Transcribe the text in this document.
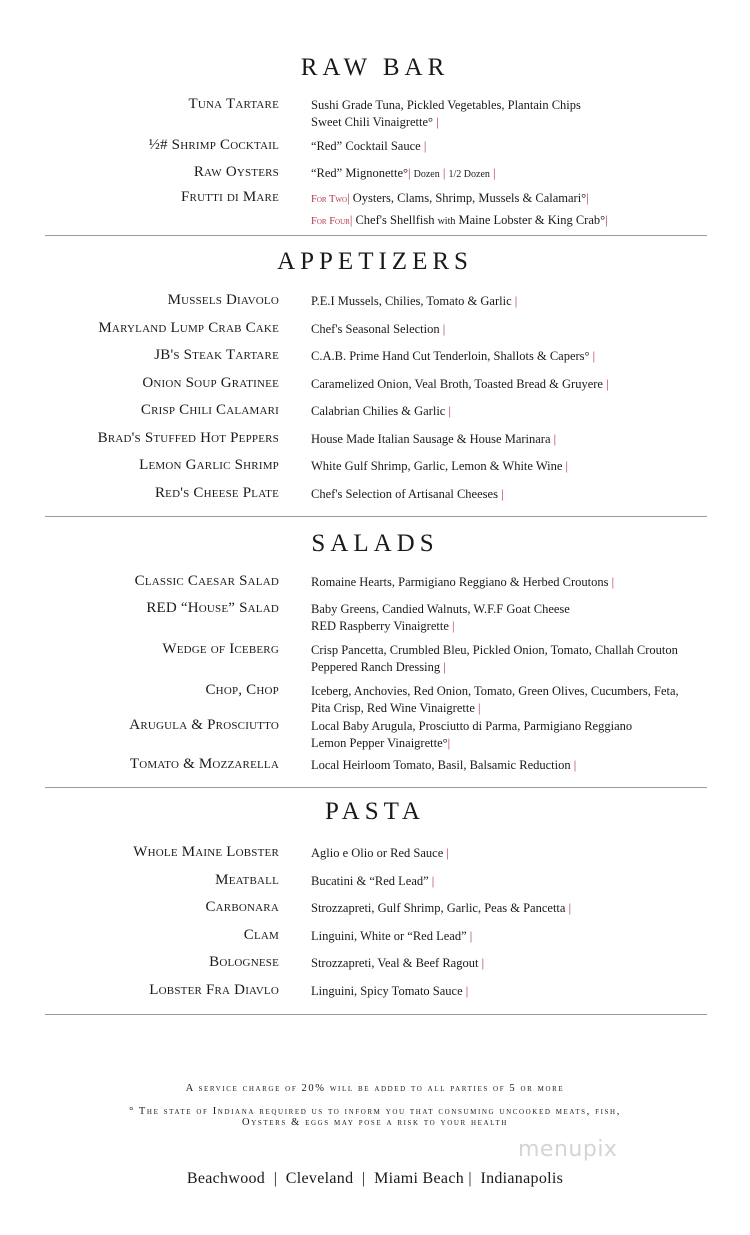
RAW BAR
Tuna Tartare	Sushi Grade Tuna, Pickled Vegetables, Plantain Chips
Sweet Chili Vinaigrette° |
½# Shrimp Cocktail	“Red” Cocktail Sauce |
Raw Oysters	“Red” Mignonette°| Dozen | 1/2 Dozen |
Frutti di Mare	For Two| Oysters, Clams, Shrimp, Mussels & Calamari°|
For Four| Chef's Shellfish with Maine Lobster & King Crab°|
APPETIZERS
Mussels Diavolo	P.E.I Mussels, Chilies, Tomato & Garlic |
Maryland Lump Crab Cake	Chef's Seasonal Selection |
JB's Steak Tartare	C.A.B. Prime Hand Cut Tenderloin, Shallots & Capers° |
Onion Soup Gratinee	Caramelized Onion, Veal Broth, Toasted Bread & Gruyere |
Crisp Chili Calamari	Calabrian Chilies & Garlic |
Brad's Stuffed Hot Peppers	House Made Italian Sausage & House Marinara |
Lemon Garlic Shrimp	White Gulf Shrimp, Garlic, Lemon & White Wine |
Red's Cheese Plate	Chef's Selection of Artisanal Cheeses |
SALADS
Classic Caesar Salad	Romaine Hearts, Parmigiano Reggiano & Herbed Croutons |
RED “House” Salad	Baby Greens, Candied Walnuts, W.F.F Goat Cheese
RED Raspberry Vinaigrette |
Wedge of Iceberg	Crisp Pancetta, Crumbled Bleu, Pickled Onion, Tomato, Challah Crouton
Peppered Ranch Dressing |
Chop, Chop	Iceberg, Anchovies, Red Onion, Tomato, Green Olives, Cucumbers, Feta,
Pita Crisp, Red Wine Vinaigrette |
Arugula & Prosciutto	Local Baby Arugula, Prosciutto di Parma, Parmigiano Reggiano
Lemon Pepper Vinaigrette°|
Tomato & Mozzarella	Local Heirloom Tomato, Basil, Balsamic Reduction |
PASTA
Whole Maine Lobster	Aglio e Olio or Red Sauce |
Meatball	Bucatini & “Red Lead” |
Carbonara	Strozzapreti, Gulf Shrimp, Garlic, Peas & Pancetta |
Clam	Linguini, White or “Red Lead” |
Bolognese	Strozzapreti, Veal & Beef Ragout |
Lobster Fra Diavlo	Linguini, Spicy Tomato Sauce |
A service charge of 20% will be added to all parties of 5 or more
° The state of Indiana required us to inform you that consuming uncooked meats, fish,
Oysters & eggs may pose a risk to your health
menupix
Beachwood  |  Cleveland  |  Miami Beach |  Indianapolis
